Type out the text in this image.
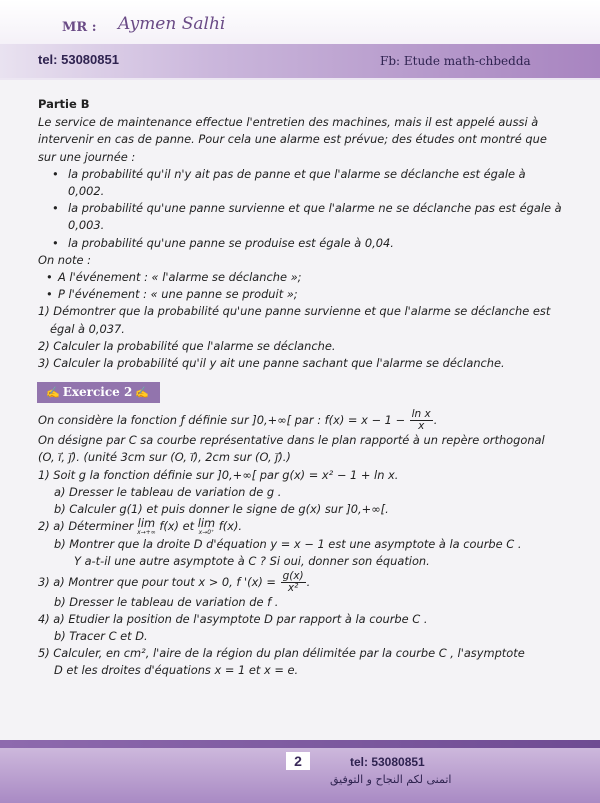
MR : Aymen Salhi
tel: 53080851	Fb: Etude math-chbedda

Partie B

Le service de maintenance effectue l'entretien des machines, mais il est appelé aussi à intervenir en cas de panne. Pour cela une alarme est prévue; des études ont montré que sur une journée :

• la probabilité qu'il n'y ait pas de panne et que l'alarme se déclanche est égale à 0,002.
• la probabilité qu'une panne survienne et que l'alarme ne se déclanche pas est égale à 0,003.
• la probabilité qu'une panne se produise est égale à 0,04.

On note :

• A l'événement : « l'alarme se déclanche »;
• P l'événement : « une panne se produit »;

1) Démontrer que la probabilité qu'une panne survienne et que l'alarme se déclanche est égal à 0,037.

2) Calculer la probabilité que l'alarme se déclanche.

3) Calculer la probabilité qu'il y ait une panne sachant que l'alarme se déclanche.

✍ Exercice 2 ✍

On considère la fonction ƒ définie sur ]0,+∞[ par : $f(x) = x - 1 - \frac{\text{ln x}}{x}$ .

On désigne par C sa courbe représentative dans le plan rapporté à un repère orthogonal (O, i⃗, j⃗). (unité 3cm sur (O, i⃗), 2cm sur (O, j⃗).)

1) Soit g la fonction définie sur ]0,+∞[ par g(x) = x² − 1 + ln x.

a) Dresser le tableau de variation de g .

b) Calculer g(1) et puis donner le signe de g(x) sur ]0,+∞[.

2) a) Déterminer lim
x→+∞ f(x) et lim
x→0⁺ f(x).

b) Montrer que la droite D d'équation y = x − 1 est une asymptote à la courbe C .

Y a-t-il une autre asymptote à C ? Si oui, donner son équation.

3) a) Montrer que pour tout x > 0, f '$(x) = \frac{g(x)}{\text{x²}}$ .

b) Dresser le tableau de variation de f .

4) a) Etudier la position de l'asymptote D par rapport à la courbe C .

b) Tracer C et D.

5) Calculer, en cm², l'aire de la région du plan délimitée par la courbe C , l'asymptote

D et les droites d'équations x = 1 et x = e.

2	tel: 53080851
اتمنى لكم النجاح و التوفيق
